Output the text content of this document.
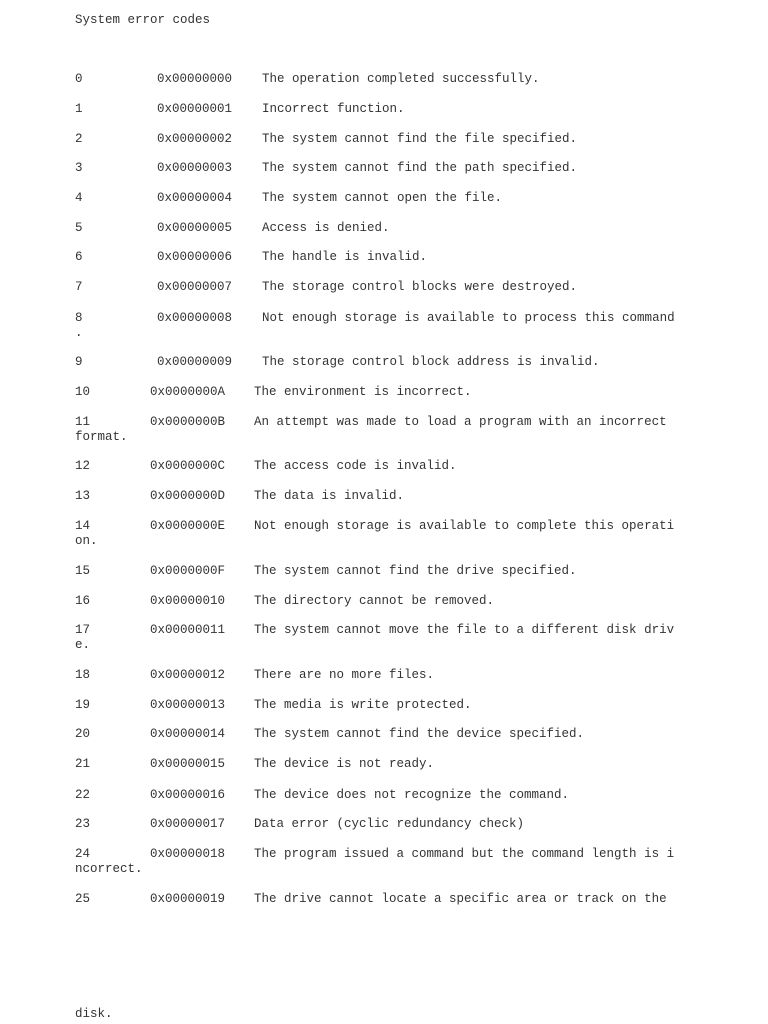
System error codes
0	0x00000000 The operation completed successfully.
1	0x00000001 Incorrect function.
2	0x00000002 The system cannot find the file specified.
3	0x00000003 The system cannot find the path specified.
4	0x00000004 The system cannot open the file.
5	0x00000005 Access is denied.
6	0x00000006 The handle is invalid.
7	0x00000007 The storage control blocks were destroyed.
8	0x00000008 Not enough storage is available to process this command
.
9	0x00000009 The storage control block address is invalid.
10	0x0000000A The environment is incorrect.
11	0x0000000B An attempt was made to load a program with an incorrect
format.
12	0x0000000C The access code is invalid.
13	0x0000000D The data is invalid.
14	0x0000000E Not enough storage is available to complete this operati
on.
15	0x0000000F The system cannot find the drive specified.
16	0x00000010 The directory cannot be removed.
17	0x00000011 The system cannot move the file to a different disk driv
e.
18	0x00000012 There are no more files.
19	0x00000013 The media is write protected.
20	0x00000014 The system cannot find the device specified.
21	0x00000015 The device is not ready.
22	0x00000016 The device does not recognize the command.
23	0x00000017 Data error (cyclic redundancy check)
24	0x00000018 The program issued a command but the command length is i
ncorrect.
25	0x00000019 The drive cannot locate a specific area or track on the
disk.
